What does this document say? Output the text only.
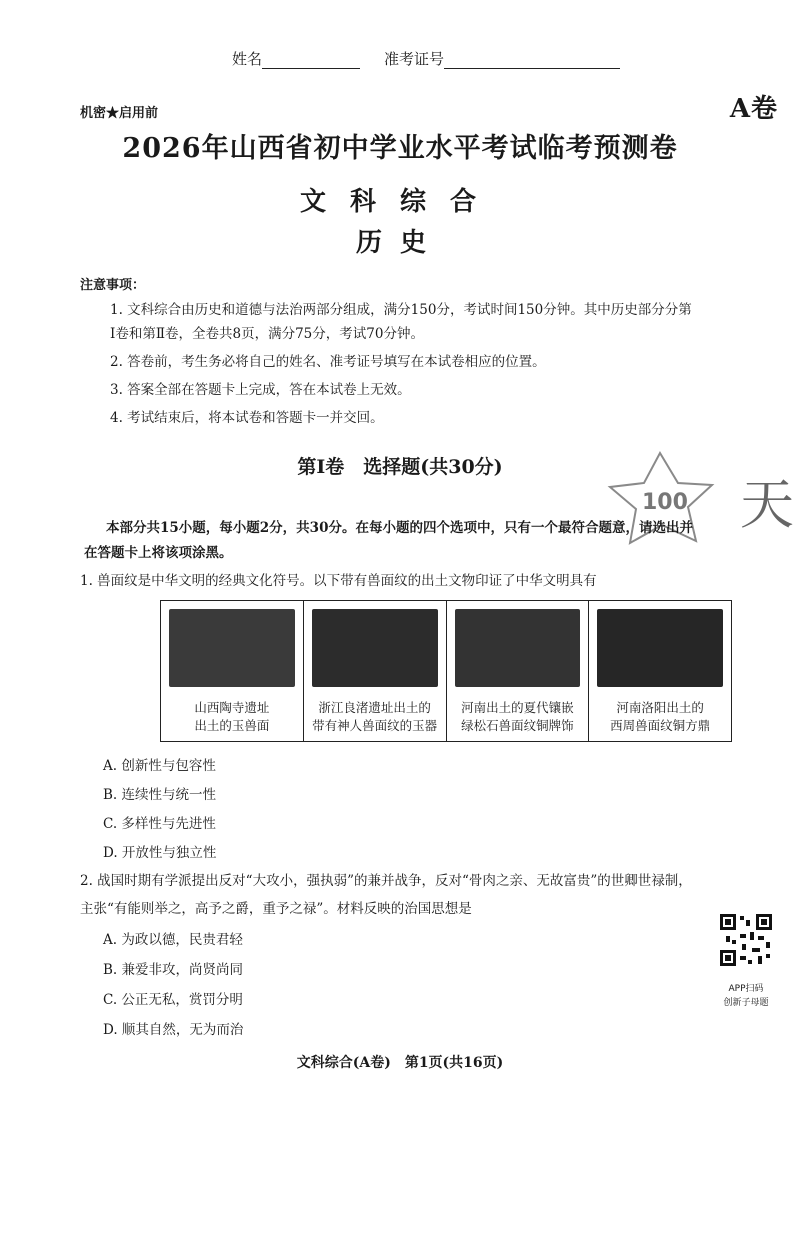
姓名	准考证号
机密★启用前	A卷
2026年山西省初中学业水平考试临考预测卷
文科综合
历史
注意事项：
1. 文科综合由历史和道德与法治两部分组成，满分150分，考试时间150分钟。其中历史部分分第
Ⅰ卷和第Ⅱ卷，全卷共8页，满分75分，考试70分钟。
2. 答卷前，考生务必将自己的姓名、准考证号填写在本试卷相应的位置。
3. 答案全部在答题卡上完成，答在本试卷上无效。
4. 考试结束后，将本试卷和答题卡一并交回。
第Ⅰ卷　选择题(共30分)
100 天
本部分共15小题，每小题2分，共30分。在每小题的四个选项中，只有一个最符合题意，请选出并
在答题卡上将该项涂黑。
1. 兽面纹是中华文明的经典文化符号。以下带有兽面纹的出土文物印证了中华文明具有
山西陶寺遗址
出土的玉兽面
浙江良渚遗址出土的
带有神人兽面纹的玉器
河南出土的夏代镶嵌
绿松石兽面纹铜牌饰
河南洛阳出土的
西周兽面纹铜方鼎
A. 创新性与包容性
B. 连续性与统一性
C. 多样性与先进性
D. 开放性与独立性
2. 战国时期有学派提出反对“大攻小，强执弱”的兼并战争，反对“骨肉之亲、无故富贵”的世卿世禄制，
主张“有能则举之，高予之爵，重予之禄”。材料反映的治国思想是
A. 为政以德，民贵君轻
B. 兼爱非攻，尚贤尚同
C. 公正无私，赏罚分明
D. 顺其自然，无为而治
APP扫码
创新子母题
文科综合(A卷)　第1页(共16页)
